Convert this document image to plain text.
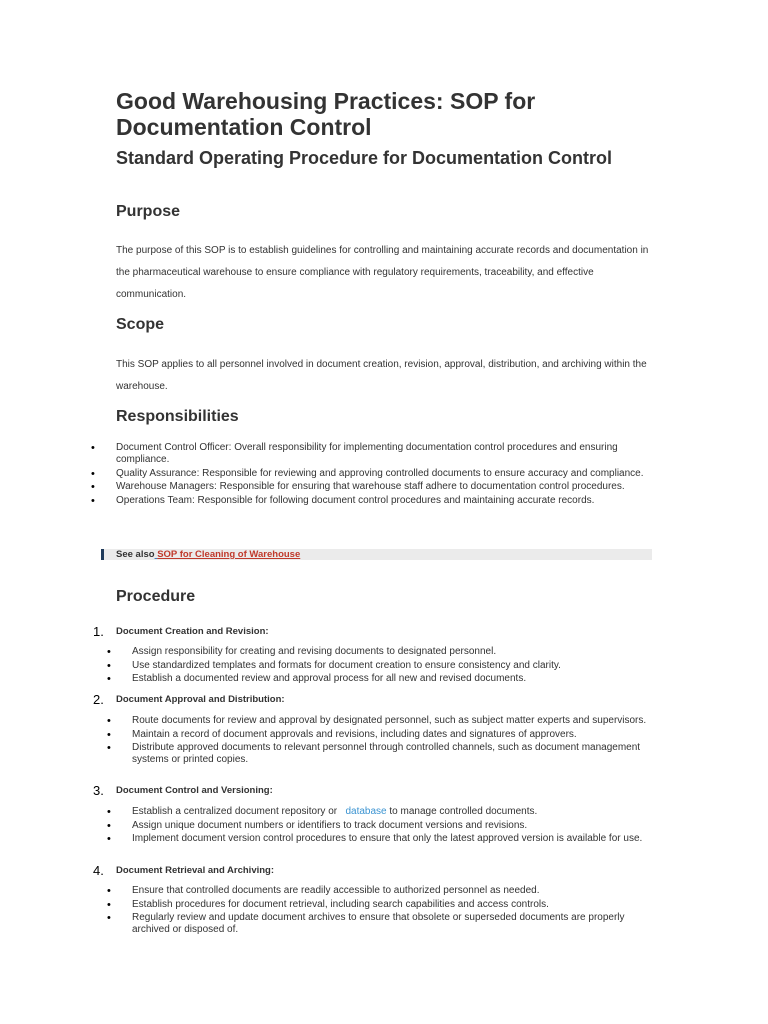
Good Warehousing Practices: SOP for Documentation Control
Standard Operating Procedure for Documentation Control
Purpose

The purpose of this SOP is to establish guidelines for controlling and maintaining accurate records and documentation in the pharmaceutical warehouse to ensure compliance with regulatory requirements, traceability, and effective communication.

Scope

This SOP applies to all personnel involved in document creation, revision, approval, distribution, and archiving within the warehouse.

Responsibilities
• Document Control Officer: Overall responsibility for implementing documentation control procedures and ensuring compliance.
• Quality Assurance: Responsible for reviewing and approving controlled documents to ensure accuracy and compliance.
• Warehouse Managers: Responsible for ensuring that warehouse staff adhere to documentation control procedures.
• Operations Team: Responsible for following document control procedures and maintaining accurate records.
See also SOP for Cleaning of Warehouse
Procedure
1. Document Creation and Revision:
• Assign responsibility for creating and revising documents to designated personnel.
• Use standardized templates and formats for document creation to ensure consistency and clarity.
• Establish a documented review and approval process for all new and revised documents.
2. Document Approval and Distribution:
• Route documents for review and approval by designated personnel, such as subject matter experts and supervisors.
• Maintain a record of document approvals and revisions, including dates and signatures of approvers.
• Distribute approved documents to relevant personnel through controlled channels, such as document management systems or printed copies.
3. Document Control and Versioning:
• Establish a centralized document repository or database to manage controlled documents.
• Assign unique document numbers or identifiers to track document versions and revisions.
• Implement document version control procedures to ensure that only the latest approved version is available for use.
4. Document Retrieval and Archiving:
• Ensure that controlled documents are readily accessible to authorized personnel as needed.
• Establish procedures for document retrieval, including search capabilities and access controls.
• Regularly review and update document archives to ensure that obsolete or superseded documents are properly archived or disposed of.
